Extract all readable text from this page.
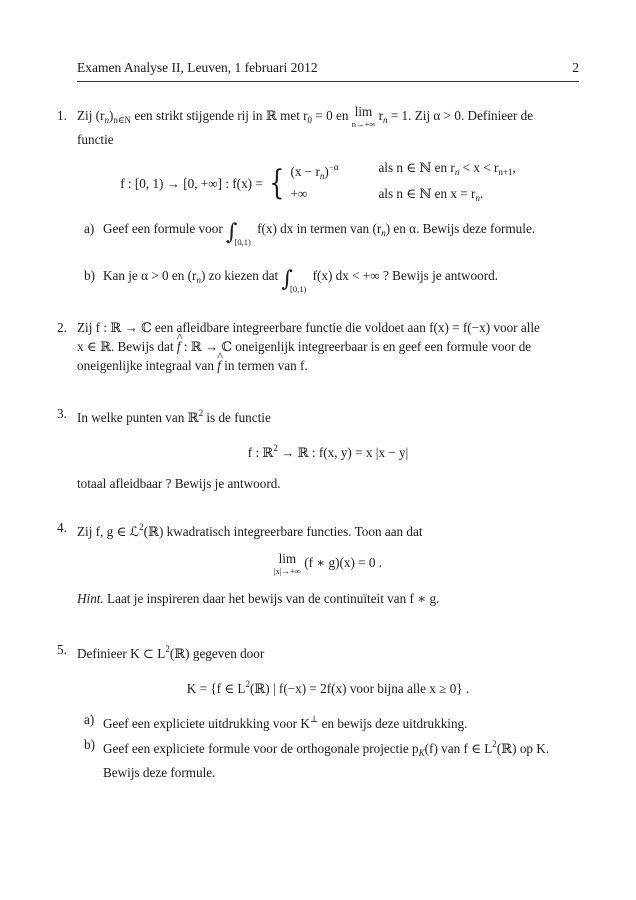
Examen Analyse II, Leuven, 1 februari 2012	2
1. Zij $(r_n)_{n\in N}$ een strikt stijgende rij in ℝ met $r_0 = 0$ en lim
n→+∞
$r_n = 1$. Zij α > 0. Definieer de
functie
f : [0, 1) → [0, +∞] : f(x) = { $(x - r_n)^{-\alpha}$	als n ∈ ℕ en $r_n < x < r_{n+1}$,
+∞	als n ∈ ℕ en $x = r_n$.
a) Geef een formule voor $\int_{[0,1)}$ f(x) dx in termen van $(r_n)$ en α. Bewijs deze formule.
b) Kan je α > 0 en $(r_n)$ zo kiezen dat $\int_{[0,1)}$ f(x) dx < +∞ ? Bewijs je antwoord.
2. Zij f : ℝ → ℂ een afleidbare integreerbare functie die voldoet aan f(x) = f(−x) voor alle
x ∈ ℝ. Bewijs dat ^ f : ℝ → ℂ oneigenlijk integreerbaar is en geef een formule voor de
oneigenlijke integraal van ^ f in termen van f.
3. In welke punten van ℝ$^2$ is de functie
f : ℝ$^2$ → ℝ : f(x, y) = x |x − y|
totaal afleidbaar ? Bewijs je antwoord.
4. Zij f, g ∈ ℒ$^2$(ℝ) kwadratisch integreerbare functies. Toon aan dat
lim
|x|→+∞
(f ∗ g)(x) = 0 .
Hint. Laat je inspireren daar het bewijs van de continuïteit van f ∗ g.
5. Definieer K ⊂ $L^2(ℝ)$ gegeven door
K = {f ∈ $L^2(ℝ)$ | f(−x) = 2f(x) voor bijna alle x ≥ 0} .
a) Geef een expliciete uitdrukking voor K⊥ en bewijs deze uitdrukking.
b) Geef een expliciete formule voor de orthogonale projectie $p_K(f)$ van f ∈ $L^2(ℝ)$ op K.
Bewijs deze formule.
